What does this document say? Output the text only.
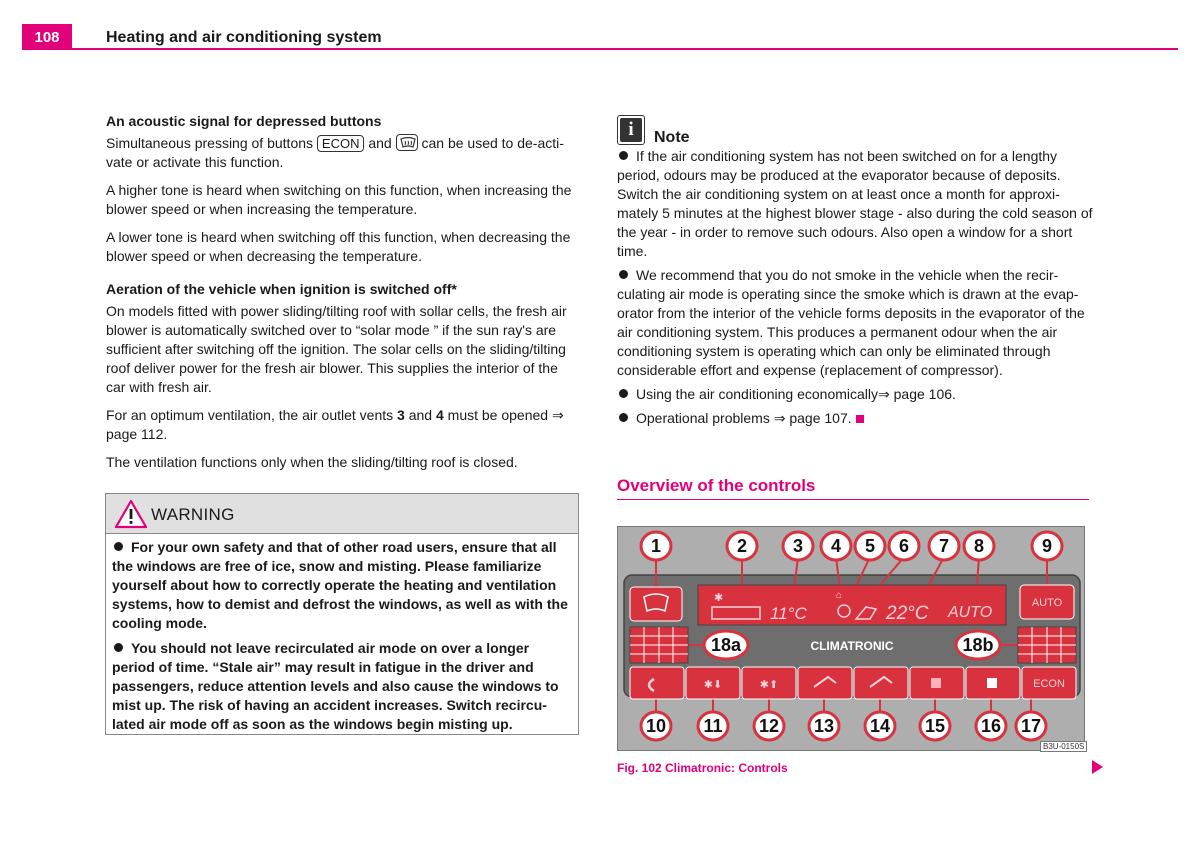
108	Heating and air conditioning system
An acoustic signal for depressed buttons

Simultaneous pressing of buttons ECON and
can be used to de-acti-vate or activate this function.

A higher tone is heard when switching on this function, when increasing the blower speed or when increasing the temperature.

A lower tone is heard when switching off this function, when decreasing the blower speed or when decreasing the temperature.

Aeration of the vehicle when ignition is switched off*

On models fitted with power sliding/tilting roof with sollar cells, the fresh air blower is automatically switched over to “solar mode ” if the sun ray's are sufficient after switching off the ignition. The solar cells on the sliding/tilting roof deliver power for the fresh air blower. This supplies the interior of the car with fresh air.

For an optimum ventilation, the air outlet vents 3 and 4 must be opened ⇒ page 112.

The ventilation functions only when the sliding/tilting roof is closed.

WARNING

For your own safety and that of other road users, ensure that all the windows are free of ice, snow and misting. Please familiarize yourself about how to correctly operate the heating and ventilation systems, how to demist and defrost the windows, as well as with the cooling mode.

You should not leave recirculated air mode on over a longer period of time. “Stale air” may result in fatigue in the driver and passengers, reduce attention levels and also cause the windows to mist up. The risk of having an accident increases. Switch recircu-lated air mode off as soon as the windows begin misting up.

i	Note

If the air conditioning system has not been switched on for a lengthy period, odours may be produced at the evaporator because of deposits. Switch the air conditioning system on at least once a month for approxi-mately 5 minutes at the highest blower stage - also during the cold season of the year - in order to remove such odours. Also open a window for a short time.

We recommend that you do not smoke in the vehicle when the recir-culating air mode is operating since the smoke which is drawn at the evap-orator from the interior of the vehicle forms deposits in the evaporator of the air conditioning system. This produces a permanent odour when the air conditioning system is operating which can only be eliminated through considerable effort and expense (replacement of compressor).

Using the air conditioning economically⇒ page 106.

Operational problems ⇒ page 107.

Overview of the controls
✱
11°C
⌂
22°C AUTO
AUTO
CLIMATRONIC
✱⬇	✱⬆	ECON
1	2	3 4 5 6 7 8	9
18a	18b
10 11 12 13 14 15 16 17
B3U-0150S
Fig. 102 Climatronic: Controls
